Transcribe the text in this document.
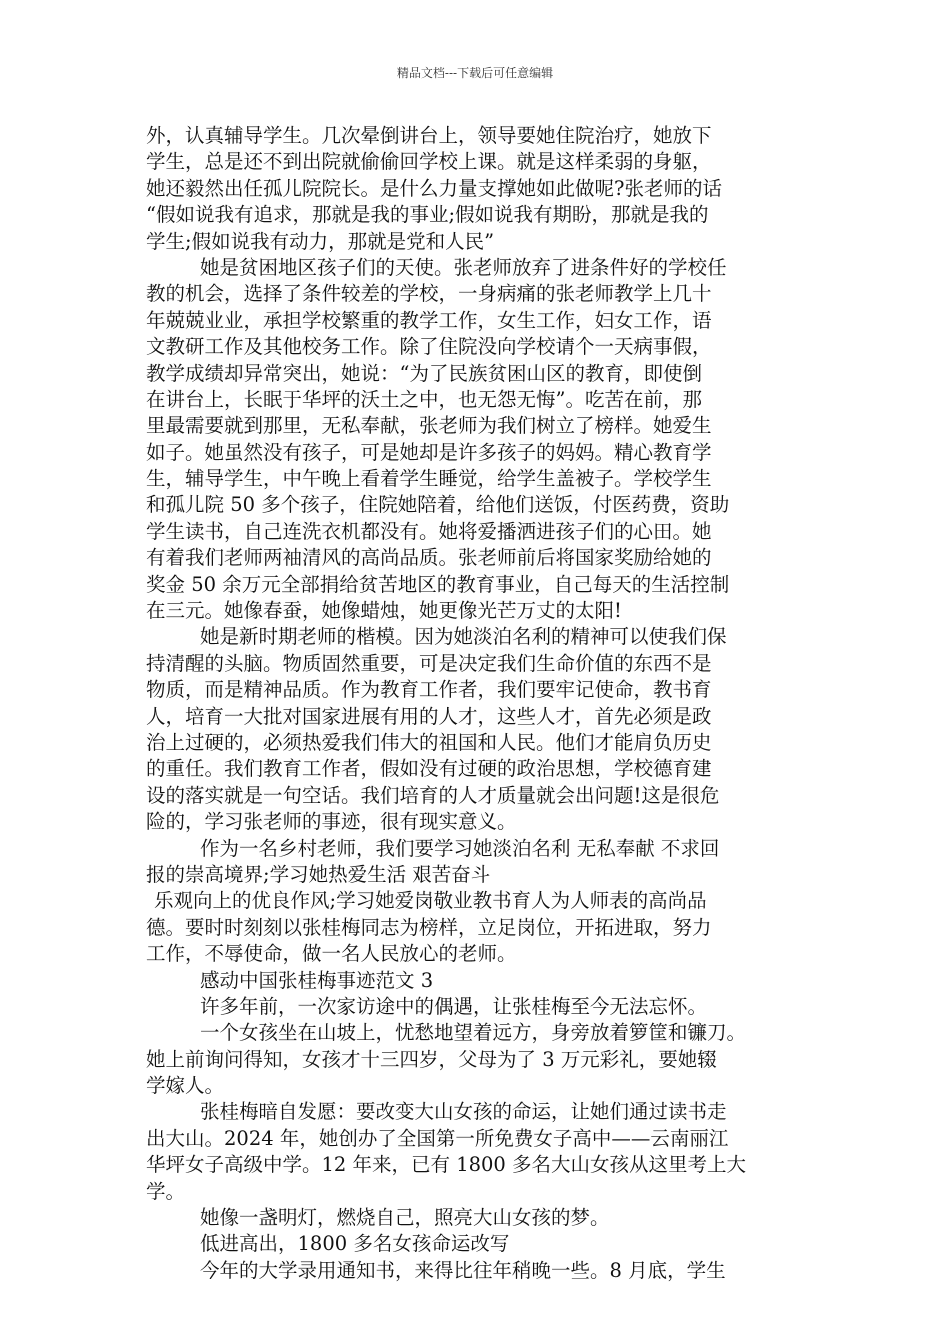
精品文档---下载后可任意编辑
外，认真辅导学生。几次晕倒讲台上，领导要她住院治疗，她放下
学生，总是还不到出院就偷偷回学校上课。就是这样柔弱的身躯，
她还毅然出任孤儿院院长。是什么力量支撑她如此做呢?张老师的话
“假如说我有追求，那就是我的事业;假如说我有期盼，那就是我的
学生;假如说我有动力，那就是党和人民”
她是贫困地区孩子们的天使。张老师放弃了进条件好的学校任
教的机会，选择了条件较差的学校，一身病痛的张老师教学上几十
年兢兢业业，承担学校繁重的教学工作，女生工作，妇女工作，语
文教研工作及其他校务工作。除了住院没向学校请个一天病事假，
教学成绩却异常突出，她说：“为了民族贫困山区的教育，即使倒
在讲台上，长眠于华坪的沃土之中，也无怨无悔”。吃苦在前，那
里最需要就到那里，无私奉献，张老师为我们树立了榜样。她爱生
如子。她虽然没有孩子，可是她却是许多孩子的妈妈。精心教育学
生，辅导学生，中午晚上看着学生睡觉，给学生盖被子。学校学生
和孤儿院 50 多个孩子，住院她陪着，给他们送饭，付医药费，资助
学生读书，自己连洗衣机都没有。她将爱播洒进孩子们的心田。她
有着我们老师两袖清风的高尚品质。张老师前后将国家奖励给她的
奖金 50 余万元全部捐给贫苦地区的教育事业，自己每天的生活控制
在三元。她像春蚕，她像蜡烛，她更像光芒万丈的太阳!
她是新时期老师的楷模。因为她淡泊名利的精神可以使我们保
持清醒的头脑。物质固然重要，可是决定我们生命价值的东西不是
物质，而是精神品质。作为教育工作者，我们要牢记使命，教书育
人，培育一大批对国家进展有用的人才，这些人才，首先必须是政
治上过硬的，必须热爱我们伟大的祖国和人民。他们才能肩负历史
的重任。我们教育工作者，假如没有过硬的政治思想，学校德育建
设的落实就是一句空话。我们培育的人才质量就会出问题!这是很危
险的，学习张老师的事迹，很有现实意义。
作为一名乡村老师，我们要学习她淡泊名利 无私奉献 不求回
报的崇高境界;学习她热爱生活 艰苦奋斗
乐观向上的优良作风;学习她爱岗敬业教书育人为人师表的高尚品
德。要时时刻刻以张桂梅同志为榜样，立足岗位，开拓进取，努力
工作，不辱使命，做一名人民放心的老师。
感动中国张桂梅事迹范文 3
许多年前，一次家访途中的偶遇，让张桂梅至今无法忘怀。
一个女孩坐在山坡上，忧愁地望着远方，身旁放着箩筐和镰刀。
她上前询问得知，女孩才十三四岁，父母为了 3 万元彩礼，要她辍
学嫁人。
张桂梅暗自发愿：要改变大山女孩的命运，让她们通过读书走
出大山。2024 年，她创办了全国第一所免费女子高中——云南丽江
华坪女子高级中学。12 年来，已有 1800 多名大山女孩从这里考上大
学。
她像一盏明灯，燃烧自己，照亮大山女孩的梦。
低进高出，1800 多名女孩命运改写
今年的大学录用通知书，来得比往年稍晚一些。8 月底，学生
